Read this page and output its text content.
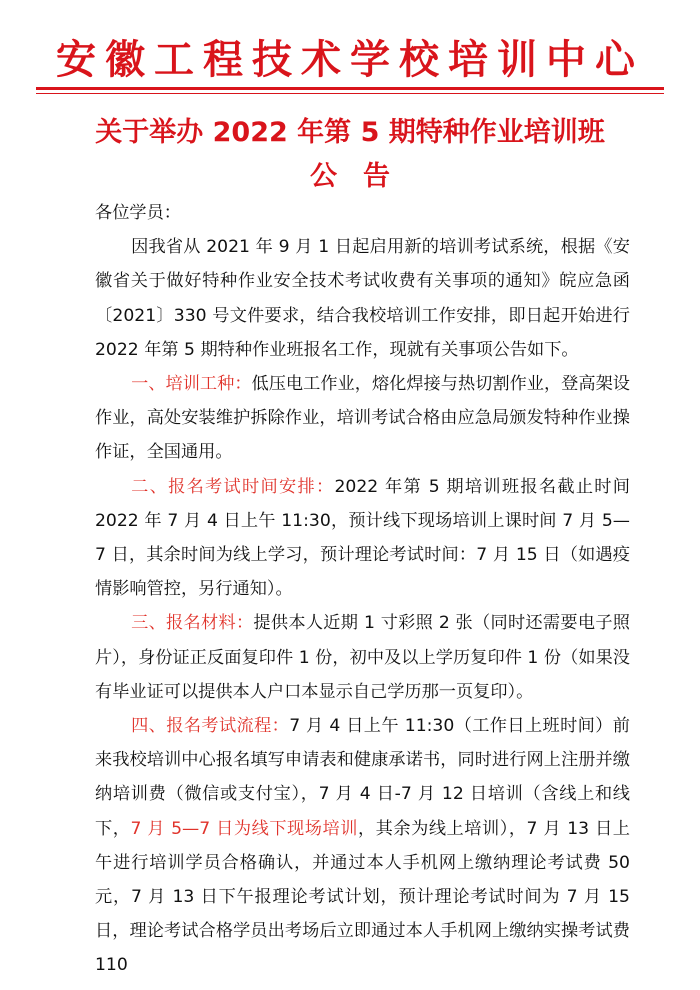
安徽工程技术学校培训中心
关于举办 2022 年第 5 期特种作业培训班
公告

各位学员：

因我省从 2021 年 9 月 1 日起启用新的培训考试系统，根据《安徽省关于做好特种作业安全技术考试收费有关事项的通知》皖应急函〔2021〕330 号文件要求，结合我校培训工作安排，即日起开始进行 2022 年第 5 期特种作业班报名工作，现就有关事项公告如下。

一、培训工种：低压电工作业，熔化焊接与热切割作业，登高架设作业，高处安装维护拆除作业，培训考试合格由应急局颁发特种作业操作证，全国通用。

二、报名考试时间安排：2022 年第 5 期培训班报名截止时间 2022 年 7 月 4 日上午 11:30，预计线下现场培训上课时间 7 月 5—7 日，其余时间为线上学习，预计理论考试时间：7 月 15 日（如遇疫情影响管控，另行通知）。

三、报名材料：提供本人近期 1 寸彩照 2 张（同时还需要电子照片），身份证正反面复印件 1 份，初中及以上学历复印件 1 份（如果没有毕业证可以提供本人户口本显示自己学历那一页复印）。

四、报名考试流程：7 月 4 日上午 11:30（工作日上班时间）前来我校培训中心报名填写申请表和健康承诺书，同时进行网上注册并缴纳培训费（微信或支付宝），7 月 4 日-7 月 12 日培训（含线上和线下，7 月 5—7 日为线下现场培训，其余为线上培训），7 月 13 日上午进行培训学员合格确认，并通过本人手机网上缴纳理论考试费 50 元，7 月 13 日下午报理论考试计划，预计理论考试时间为 7 月 15 日，理论考试合格学员出考场后立即通过本人手机网上缴纳实操考试费 110
